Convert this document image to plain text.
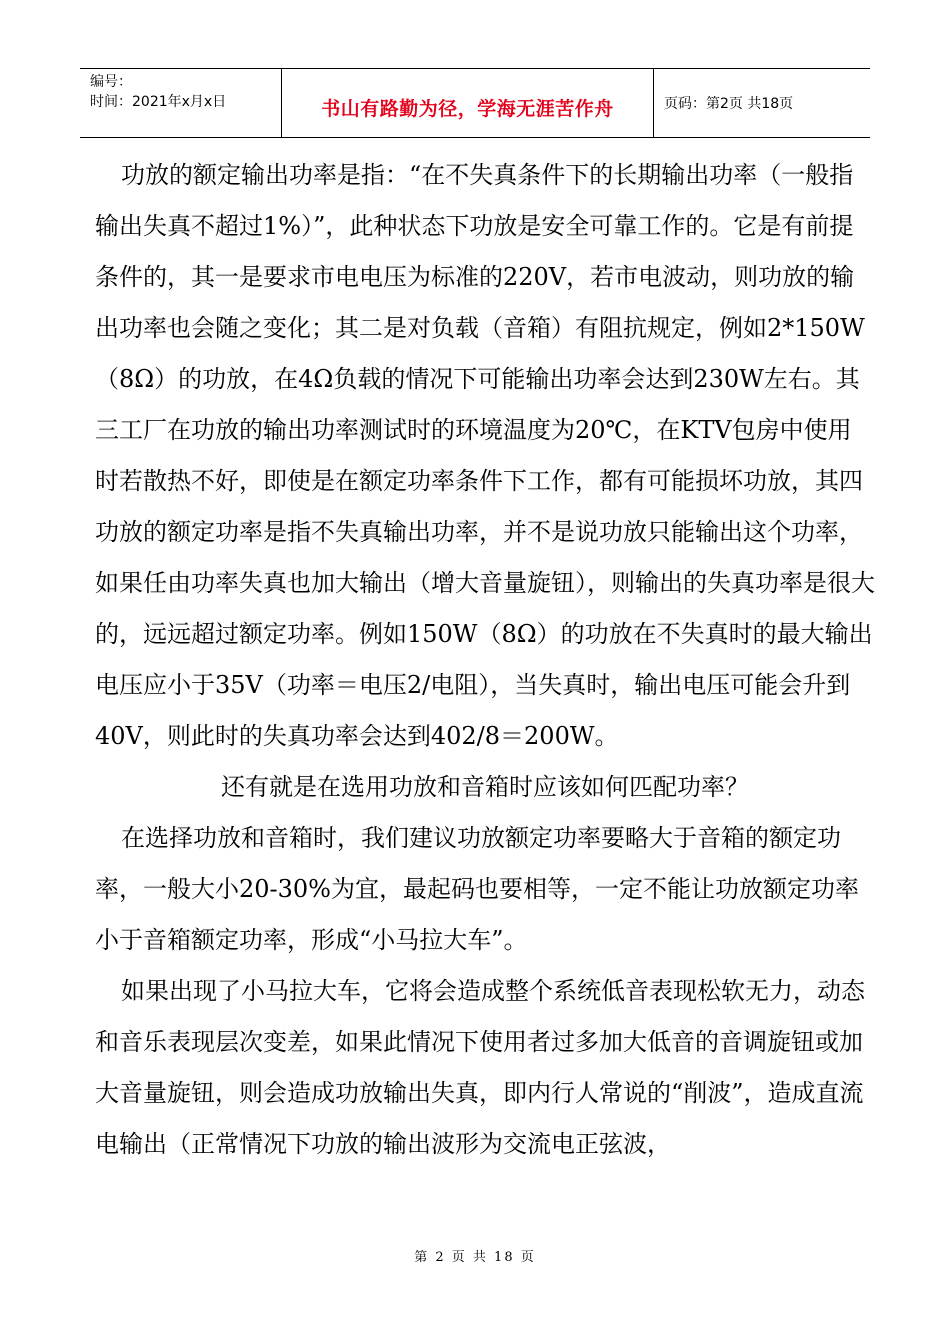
编号：
时间：2021年x月x日	书山有路勤为径，学海无涯苦作舟	页码：第2页 共18页

功放的额定输出功率是指：“在不失真条件下的长期输出功率（一般指输出失真不超过1%）”，此种状态下功放是安全可靠工作的。它是有前提条件的，其一是要求市电电压为标准的220V，若市电波动，则功放的输出功率也会随之变化；其二是对负载（音箱）有阻抗规定，例如2*150W（8Ω）的功放，在4Ω负载的情况下可能输出功率会达到230W左右。其三工厂在功放的输出功率测试时的环境温度为20℃，在KTV包房中使用时若散热不好，即使是在额定功率条件下工作，都有可能损坏功放，其四功放的额定功率是指不失真输出功率，并不是说功放只能输出这个功率，如果任由功率失真也加大输出（增大音量旋钮），则输出的失真功率是很大的，远远超过额定功率。例如150W（8Ω）的功放在不失真时的最大输出电压应小于35V（功率＝电压2/电阻），当失真时，输出电压可能会升到40V，则此时的失真功率会达到402/8＝200W。

还有就是在选用功放和音箱时应该如何匹配功率？

在选择功放和音箱时，我们建议功放额定功率要略大于音箱的额定功率，一般大小20-30%为宜，最起码也要相等，一定不能让功放额定功率小于音箱额定功率，形成“小马拉大车”。

如果出现了小马拉大车，它将会造成整个系统低音表现松软无力，动态和音乐表现层次变差，如果此情况下使用者过多加大低音的音调旋钮或加大音量旋钮，则会造成功放输出失真，即内行人常说的“削波”，造成直流电输出（正常情况下功放的输出波形为交流电正弦波，

第 2 页 共 18 页
